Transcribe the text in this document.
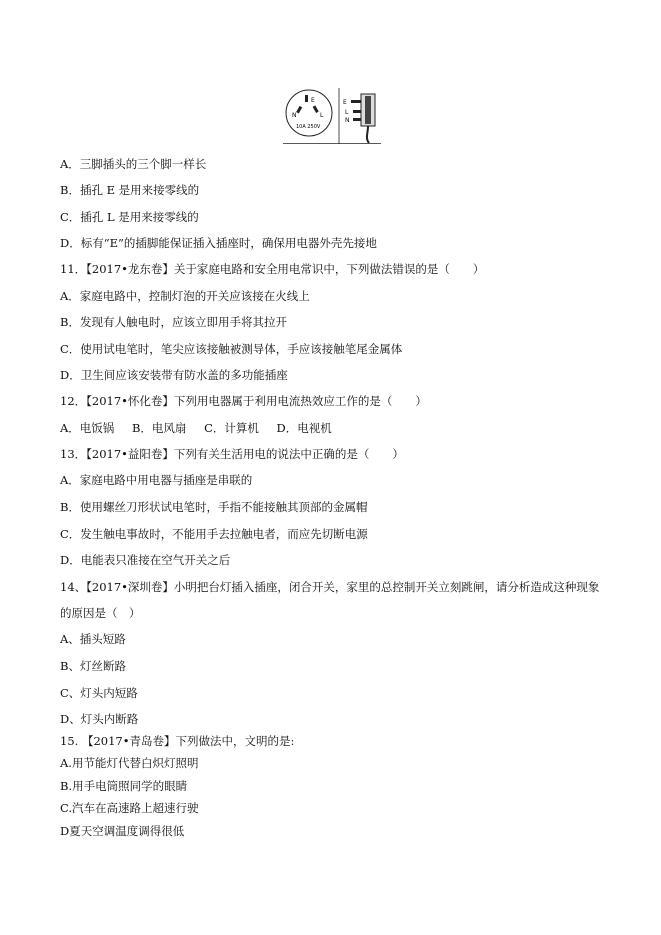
E
N	L
10A 250V
E
L
N
A．三脚插头的三个脚一样长
B．插孔 E 是用来接零线的
C．插孔 L 是用来接零线的
D．标有“E”的插脚能保证插入插座时，确保用电器外壳先接地
11．【2017•龙东卷】关于家庭电路和安全用电常识中，下列做法错误的是（　　）
A．家庭电路中，控制灯泡的开关应该接在火线上
B．发现有人触电时，应该立即用手将其拉开
C．使用试电笔时，笔尖应该接触被测导体，手应该接触笔尾金属体
D．卫生间应该安装带有防水盖的多功能插座
12．【2017•怀化卷】下列用电器属于利用电流热效应工作的是（　　）
A．电饭锅 B．电风扇 C．计算机 D．电视机
13．【2017•益阳卷】下列有关生活用电的说法中正确的是（　　）
A．家庭电路中用电器与插座是串联的
B．使用螺丝刀形状试电笔时，手指不能接触其顶部的金属帽
C．发生触电事故时，不能用手去拉触电者，而应先切断电源
D．电能表只准接在空气开关之后
14、【2017•深圳卷】小明把台灯插入插座，闭合开关，家里的总控制开关立刻跳闸，请分析造成这种现象的原因是（　）
A、插头短路
B、灯丝断路
C、灯头内短路
D、灯头内断路
15. 【2017•青岛卷】下列做法中，文明的是:
A.用节能灯代替白炽灯照明
B.用手电筒照同学的眼睛
C.汽车在高速路上超速行驶
D夏天空调温度调得很低
